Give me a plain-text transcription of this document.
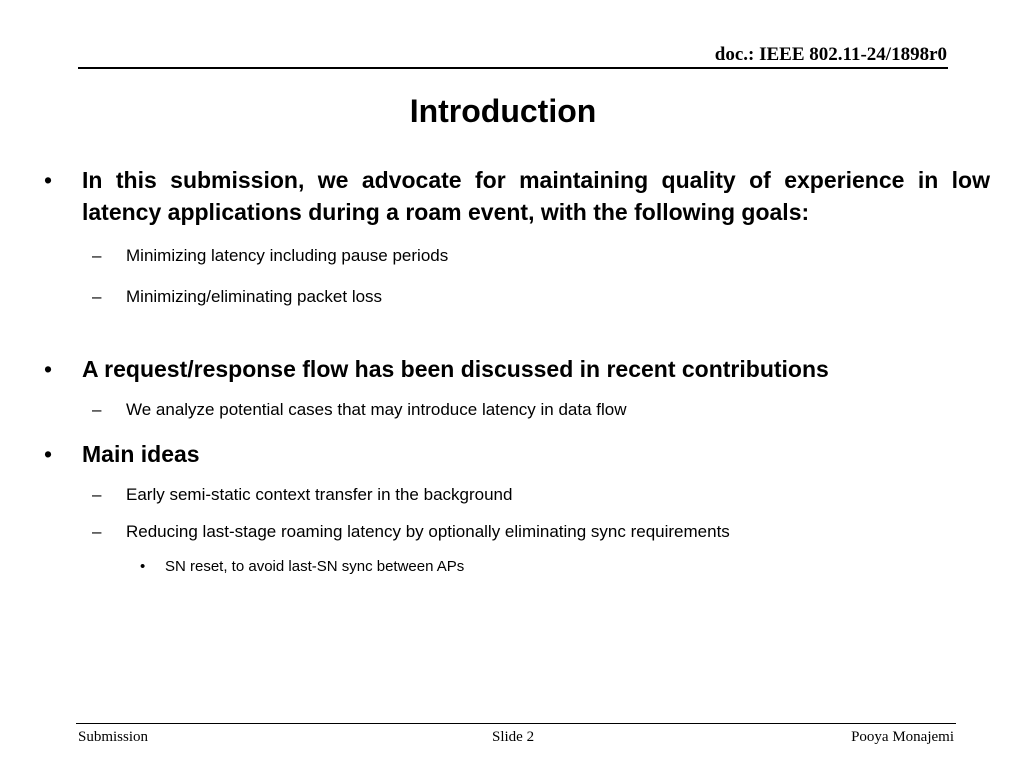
doc.: IEEE 802.11-24/1898r0
Introduction
• In this submission, we advocate for maintaining quality of experience in low latency applications during a roam event, with the following goals:
– Minimizing latency including pause periods
– Minimizing/eliminating packet loss
• A request/response flow has been discussed in recent contributions
– We analyze potential cases that may introduce latency in data flow
• Main ideas
– Early semi-static context transfer in the background
– Reducing last-stage roaming latency by optionally eliminating sync requirements
• SN reset, to avoid last-SN sync between APs
Submission	Slide 2	Pooya Monajemi
